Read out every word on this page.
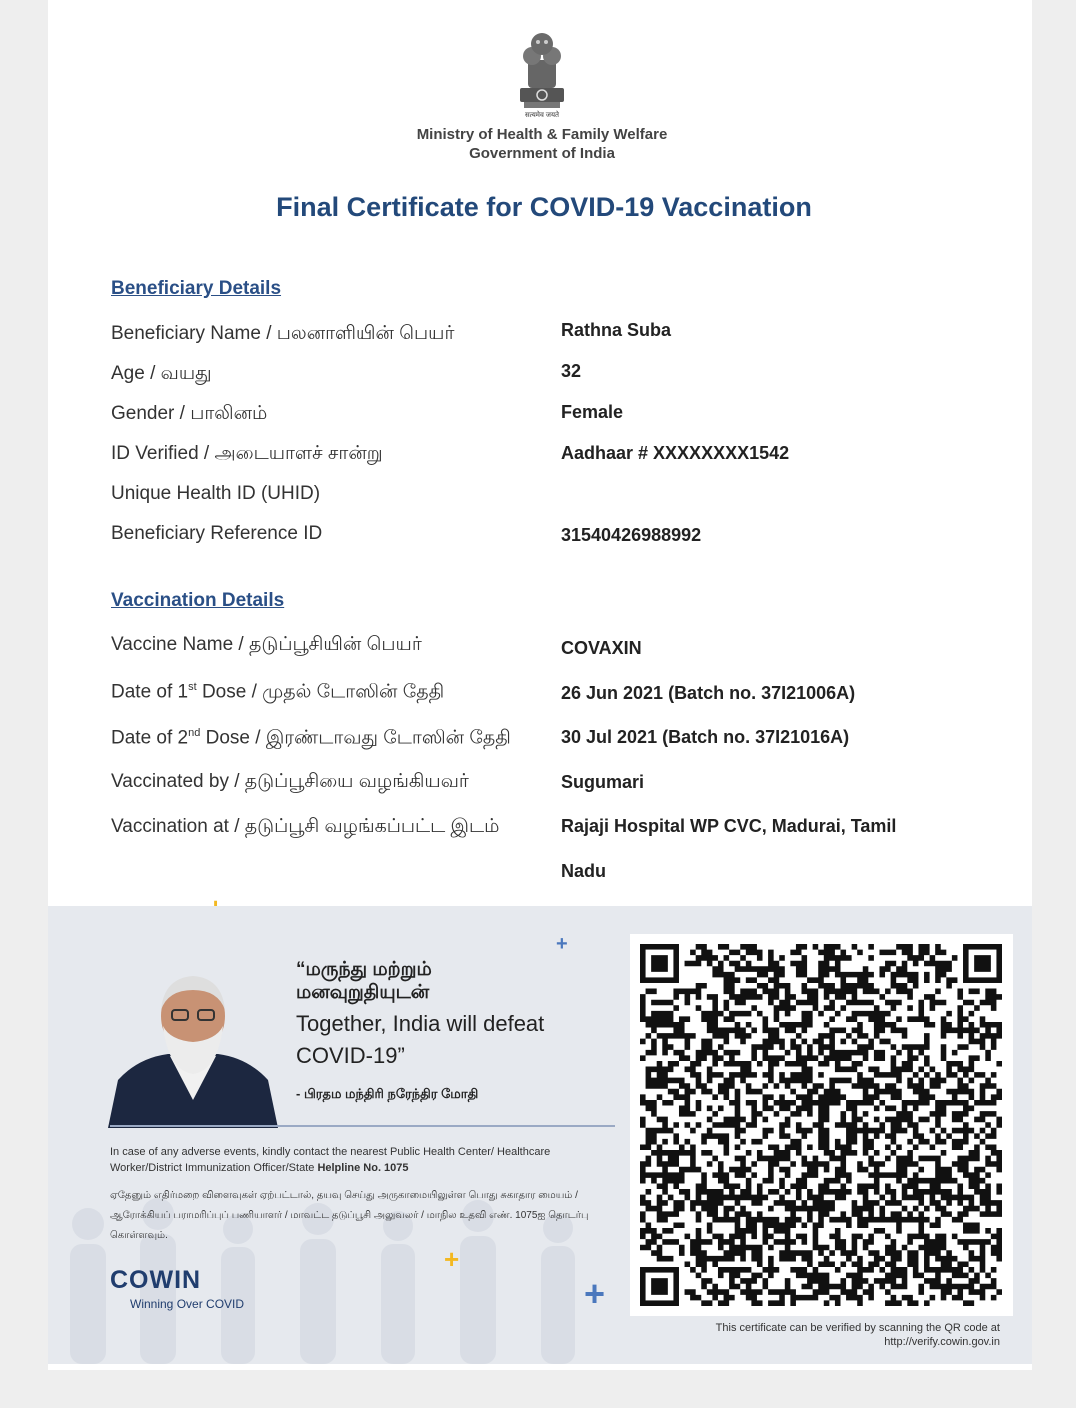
सत्यमेव जयते
Ministry of Health & Family Welfare
Government of India
Final Certificate for COVID-19 Vaccination
Beneficiary Details
Beneficiary Name / பலனாளியின் பெயர்	Rathna Suba
Age / வயது	32
Gender / பாலினம்	Female
ID Verified / அடையாளச் சான்று	Aadhaar # XXXXXXXX1542
Unique Health ID (UHID)
Beneficiary Reference ID	31540426988992
Vaccination Details
Vaccine Name / தடுப்பூசியின் பெயர்	COVAXIN
Date of 1st Dose / முதல் டோஸின் தேதி	26 Jun 2021 (Batch no. 37I21006A)
Date of 2nd Dose / இரண்டாவது டோஸின் தேதி	30 Jul 2021 (Batch no. 37I21016A)
Vaccinated by / தடுப்பூசியை வழங்கியவர்	Sugumari
Vaccination at / தடுப்பூசி வழங்கப்பட்ட இடம்	Rajaji Hospital WP CVC, Madurai, Tamil
Nadu
+
+
+
“மருந்து மற்றும்
மனவுறுதியுடன்
Together, India will defeat COVID-19”
- பிரதம மந்திரி நரேந்திர மோதி
In case of any adverse events, kindly contact the nearest Public Health Center/ Healthcare Worker/District Immunization Officer/State Helpline No. 1075
ஏதேனும் எதிர்மறை விளைவுகள் ஏற்பட்டால், தயவு செய்து அருகாமையிலுள்ள பொது சுகாதார மையம் / ஆரோக்கியப் பராமரிப்புப் பணியாளர் / மாவட்ட தடுப்பூசி அலுவலர் / மாநில உதவி எண். 1075ஐ தொடர்பு கொள்ளவும்.
COWIN
Winning Over COVID
This certificate can be verified by scanning the QR code at
http://verify.cowin.gov.in
